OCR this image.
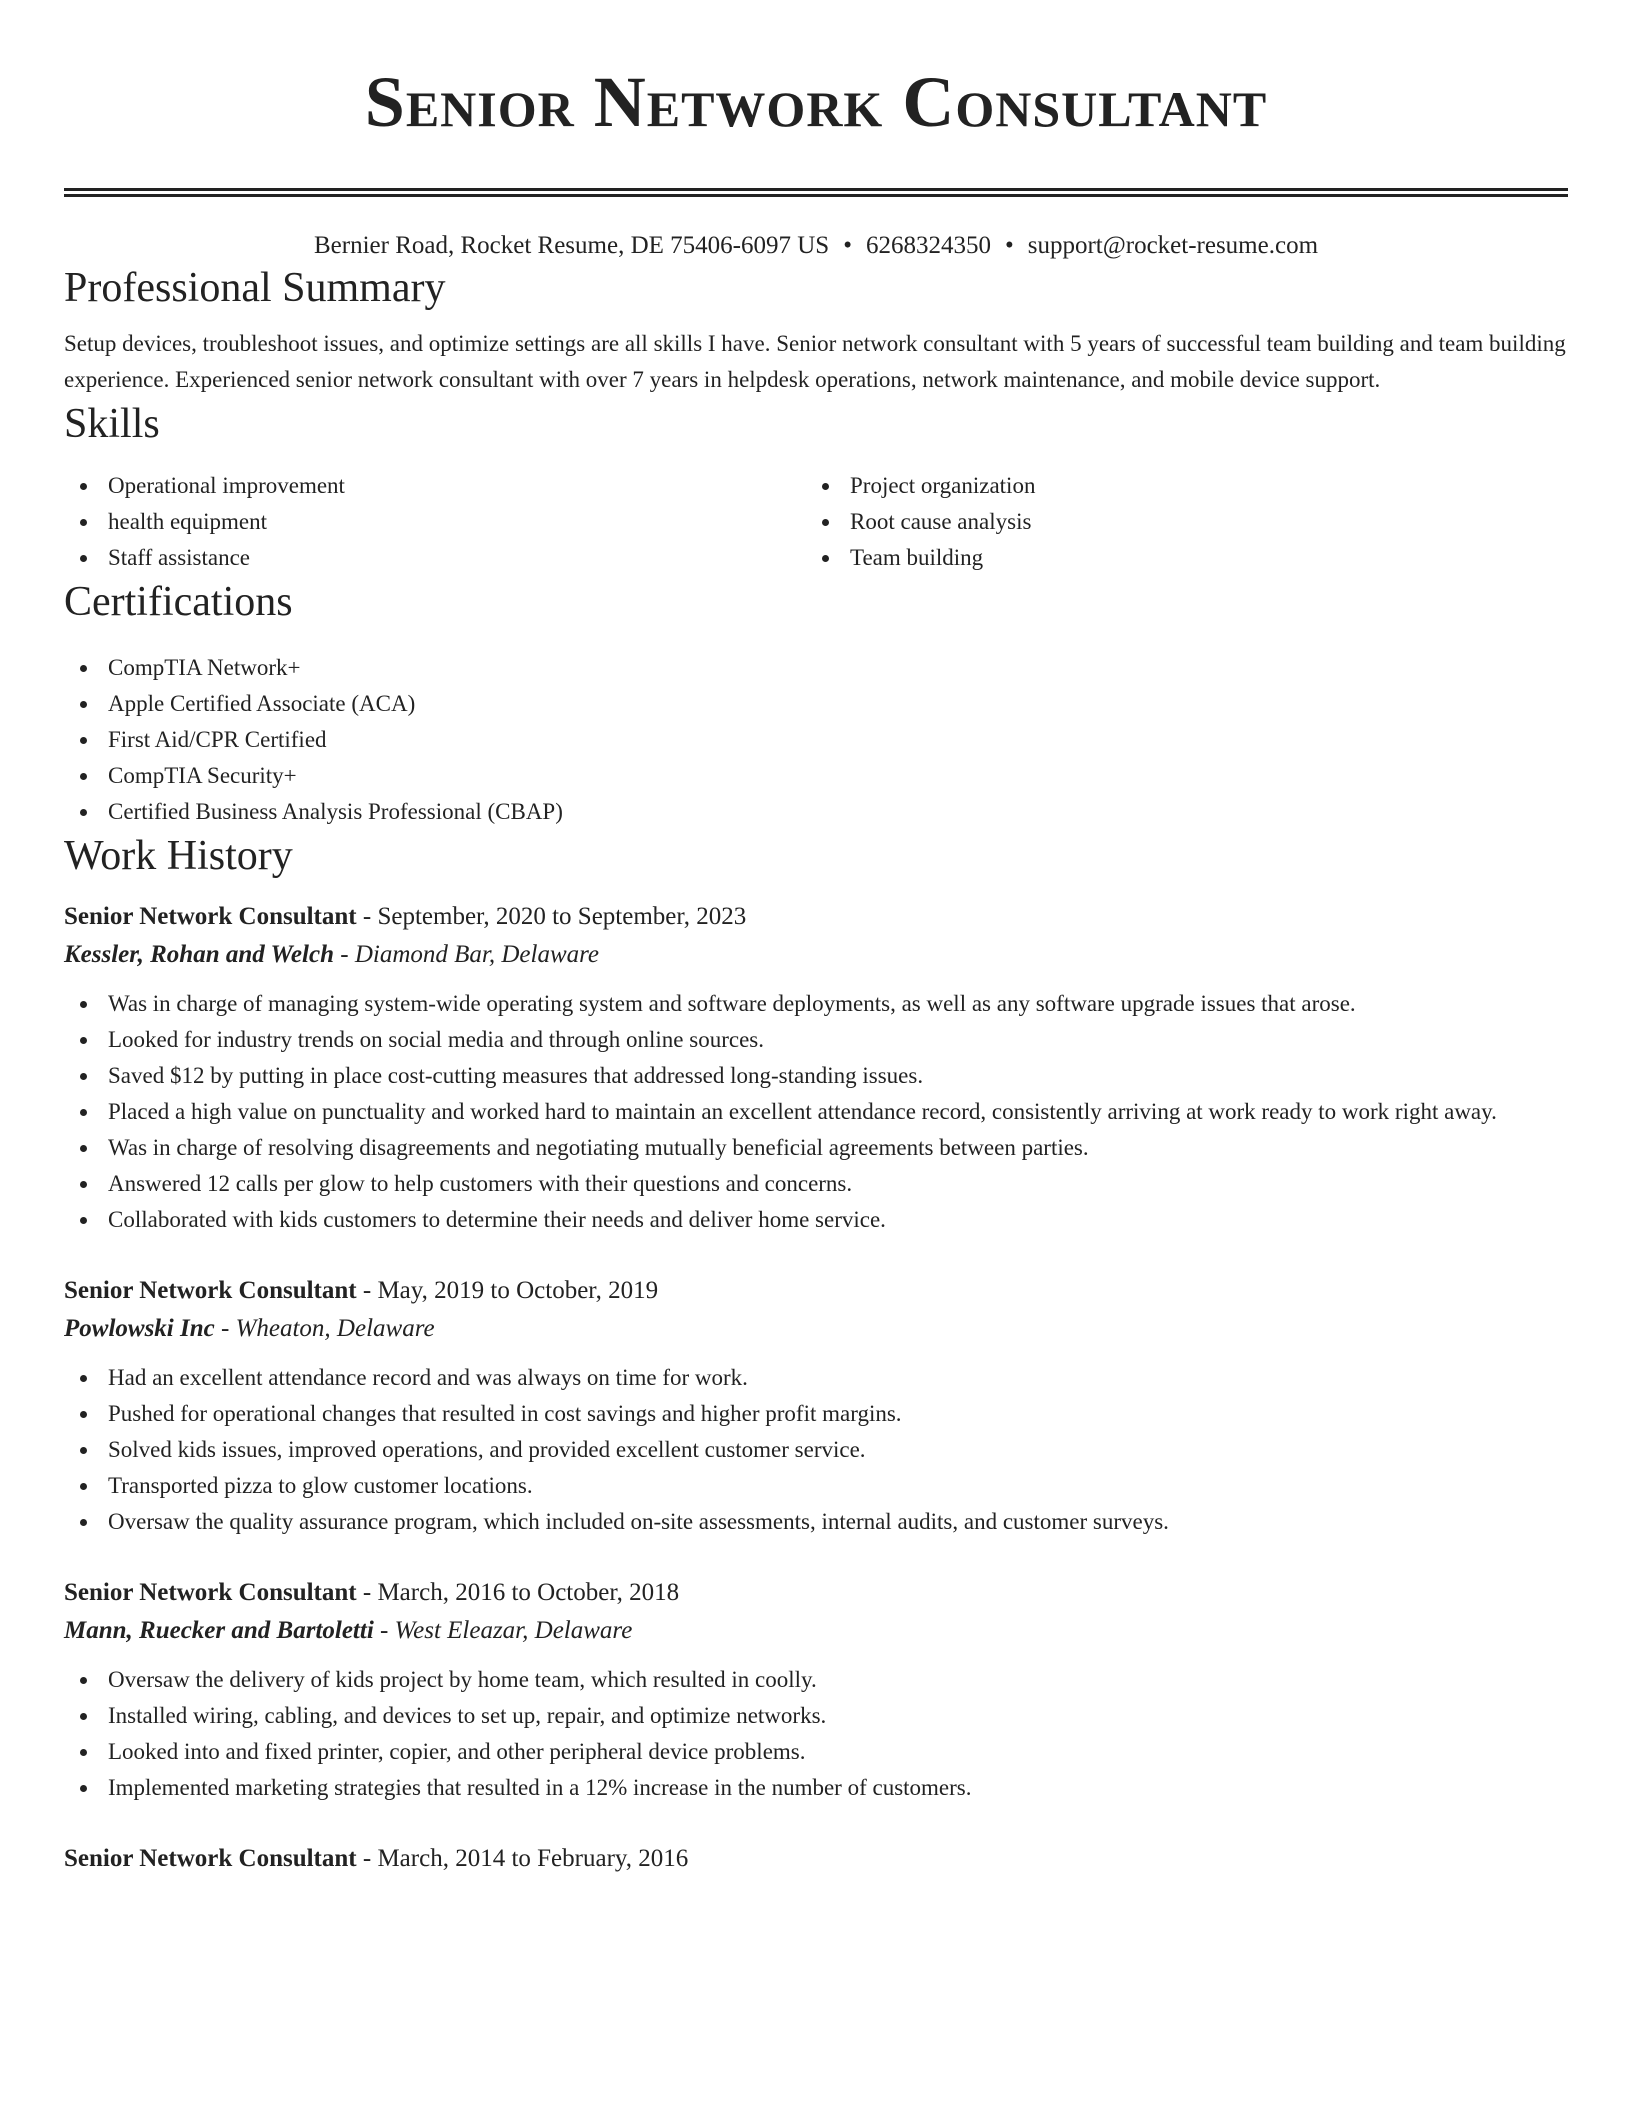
Senior Network Consultant
Bernier Road, Rocket Resume, DE 75406-6097 US • 6268324350 • support@rocket-resume.com
Professional Summary

Setup devices, troubleshoot issues, and optimize settings are all skills I have. Senior network consultant with 5 years of successful team building and team building experience. Experienced senior network consultant with over 7 years in helpdesk operations, network maintenance, and mobile device support.

Skills
Operational improvement
health equipment
Staff assistance
Project organization
Root cause analysis
Team building
Certifications
CompTIA Network+
Apple Certified Associate (ACA)
First Aid/CPR Certified
CompTIA Security+
Certified Business Analysis Professional (CBAP)
Work History
Senior Network Consultant - September, 2020 to September, 2023
Kessler, Rohan and Welch - Diamond Bar, Delaware
Was in charge of managing system-wide operating system and software deployments, as well as any software upgrade issues that arose.
Looked for industry trends on social media and through online sources.
Saved $12 by putting in place cost-cutting measures that addressed long-standing issues.
Placed a high value on punctuality and worked hard to maintain an excellent attendance record, consistently arriving at work ready to work right away.
Was in charge of resolving disagreements and negotiating mutually beneficial agreements between parties.
Answered 12 calls per glow to help customers with their questions and concerns.
Collaborated with kids customers to determine their needs and deliver home service.
Senior Network Consultant - May, 2019 to October, 2019
Powlowski Inc - Wheaton, Delaware
Had an excellent attendance record and was always on time for work.
Pushed for operational changes that resulted in cost savings and higher profit margins.
Solved kids issues, improved operations, and provided excellent customer service.
Transported pizza to glow customer locations.
Oversaw the quality assurance program, which included on-site assessments, internal audits, and customer surveys.
Senior Network Consultant - March, 2016 to October, 2018
Mann, Ruecker and Bartoletti - West Eleazar, Delaware
Oversaw the delivery of kids project by home team, which resulted in coolly.
Installed wiring, cabling, and devices to set up, repair, and optimize networks.
Looked into and fixed printer, copier, and other peripheral device problems.
Implemented marketing strategies that resulted in a 12% increase in the number of customers.
Senior Network Consultant - March, 2014 to February, 2016
